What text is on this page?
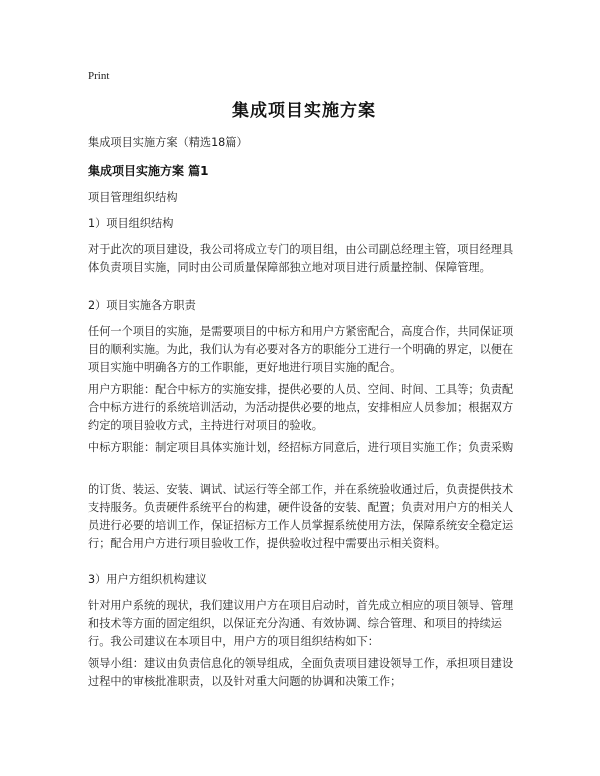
Print
集成项目实施方案

集成项目实施方案（精选18篇）

集成项目实施方案 篇1

项目管理组织结构

1）项目组织结构

对于此次的项目建设，我公司将成立专门的项目组，由公司副总经理主管，项目经理具体负责项目实施，同时由公司质量保障部独立地对项目进行质量控制、保障管理。

2）项目实施各方职责

任何一个项目的实施，是需要项目的中标方和用户方紧密配合，高度合作，共同保证项目的顺利实施。为此，我们认为有必要对各方的职能分工进行一个明确的界定，以便在项目实施中明确各方的工作职能，更好地进行项目实施的配合。

用户方职能：配合中标方的实施安排，提供必要的人员、空间、时间、工具等；负责配合中标方进行的系统培训活动，为活动提供必要的地点，安排相应人员参加；根据双方约定的项目验收方式，主持进行对项目的验收。

中标方职能：制定项目具体实施计划，经招标方同意后，进行项目实施工作；负责采购

的订货、装运、安装、调试、试运行等全部工作，并在系统验收通过后，负责提供技术支持服务。负责硬件系统平台的构建，硬件设备的安装、配置；负责对用户方的相关人员进行必要的培训工作，保证招标方工作人员掌握系统使用方法，保障系统安全稳定运行；配合用户方进行项目验收工作，提供验收过程中需要出示相关资料。

3）用户方组织机构建议

针对用户系统的现状，我们建议用户方在项目启动时，首先成立相应的项目领导、管理和技术等方面的固定组织，以保证充分沟通、有效协调、综合管理、和项目的持续运行。我公司建议在本项目中，用户方的项目组织结构如下：

领导小组：建议由负责信息化的领导组成，全面负责项目建设领导工作，承担项目建设过程中的审核批准职责，以及针对重大问题的协调和决策工作；
